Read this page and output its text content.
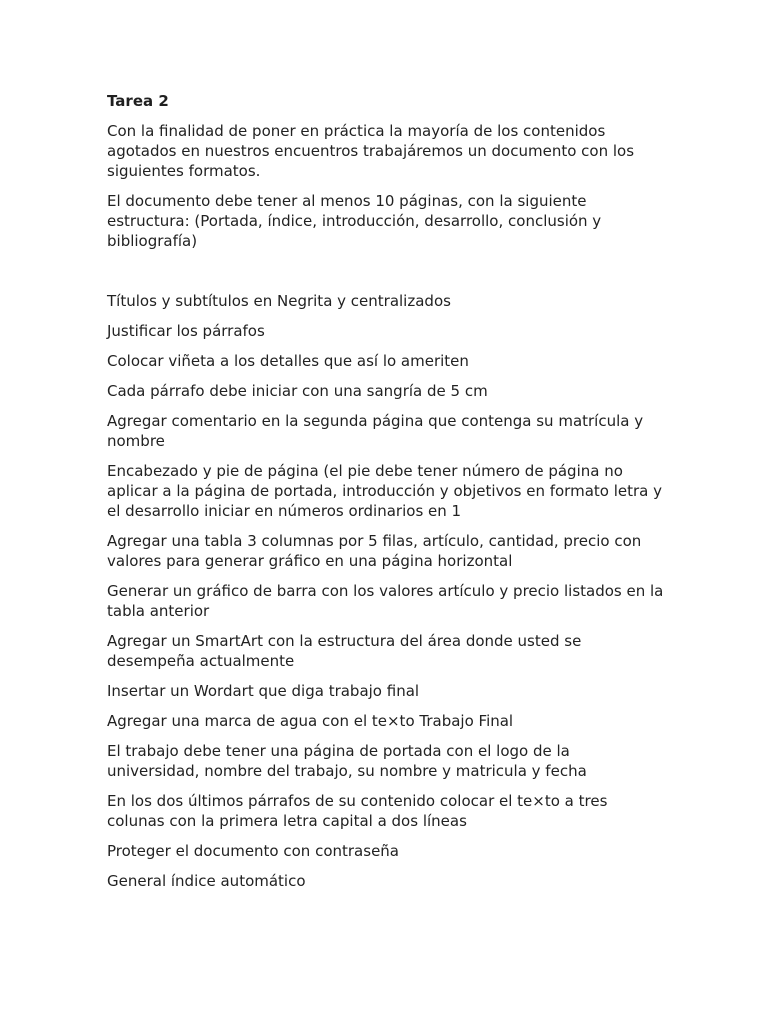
Tarea 2

Con la finalidad de poner en práctica la mayoría de los contenidos agotados en nuestros encuentros trabajáremos un documento con los siguientes formatos.

El documento debe tener al menos 10 páginas, con la siguiente estructura: (Portada, índice, introducción, desarrollo, conclusión y bibliografía)

Títulos y subtítulos en Negrita y centralizados

Justificar los párrafos

Colocar viñeta a los detalles que así lo ameriten

Cada párrafo debe iniciar con una sangría de 5 cm

Agregar comentario en la segunda página que contenga su matrícula y nombre

Encabezado y pie de página (el pie debe tener número de página no aplicar a la página de portada, introducción y objetivos en formato letra y el desarrollo iniciar en números ordinarios en 1

Agregar una tabla 3 columnas por 5 filas, artículo, cantidad, precio con valores para generar gráfico en una página horizontal

Generar un gráfico de barra con los valores artículo y precio listados en la tabla anterior

Agregar un SmartArt con la estructura del área donde usted se desempeña actualmente

Insertar un Wordart que diga trabajo final

Agregar una marca de agua con el te×to Trabajo Final

El trabajo debe tener una página de portada con el logo de la universidad, nombre del trabajo, su nombre y matricula y fecha

En los dos últimos párrafos de su contenido colocar el te×to a tres colunas con la primera letra capital a dos líneas

Proteger el documento con contraseña

General índice automático
